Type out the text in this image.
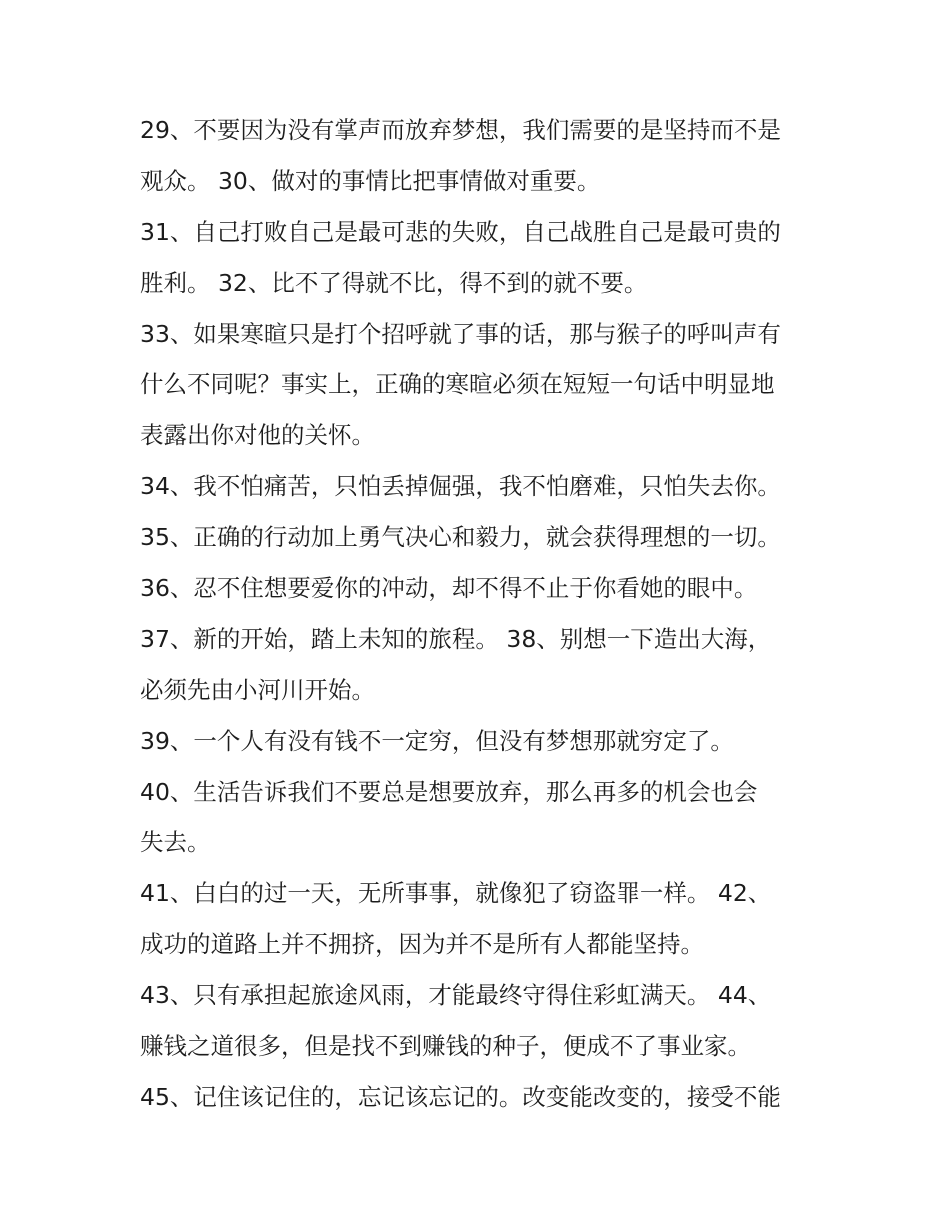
29、不要因为没有掌声而放弃梦想，我们需要的是坚持而不是
观众。 30、做对的事情比把事情做对重要。
31、自己打败自己是最可悲的失败，自己战胜自己是最可贵的
胜利。 32、比不了得就不比，得不到的就不要。
33、如果寒暄只是打个招呼就了事的话，那与猴子的呼叫声有
什么不同呢？事实上，正确的寒暄必须在短短一句话中明显地
表露出你对他的关怀。
34、我不怕痛苦，只怕丢掉倔强，我不怕磨难，只怕失去你。
35、正确的行动加上勇气决心和毅力，就会获得理想的一切。
36、忍不住想要爱你的冲动，却不得不止于你看她的眼中。
37、新的开始，踏上未知的旅程。 38、别想一下造出大海，
必须先由小河川开始。
39、一个人有没有钱不一定穷，但没有梦想那就穷定了。
40、生活告诉我们不要总是想要放弃，那么再多的机会也会
失去。
41、白白的过一天，无所事事，就像犯了窃盗罪一样。 42、
成功的道路上并不拥挤，因为并不是所有人都能坚持。
43、只有承担起旅途风雨，才能最终守得住彩虹满天。 44、
赚钱之道很多，但是找不到赚钱的种子，便成不了事业家。
45、记住该记住的，忘记该忘记的。改变能改变的，接受不能
